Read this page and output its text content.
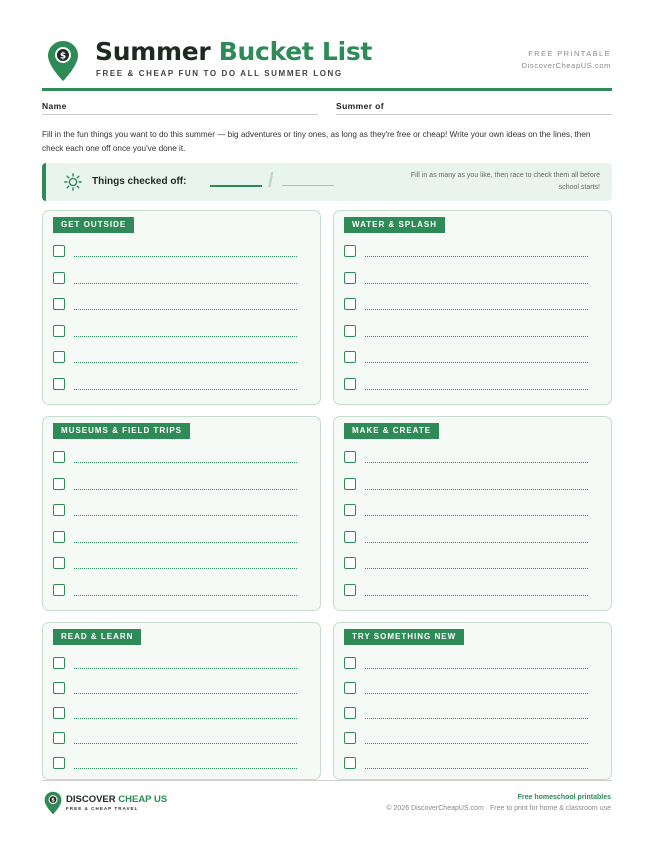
$ Summer Bucket List
FREE & CHEAP FUN TO DO ALL SUMMER LONG
FREE PRINTABLE
DiscoverCheapUS.com
Name	Summer of

Fill in the fun things you want to do this summer — big adventures or tiny ones, as long as they're free or cheap! Write your own ideas on the lines, then check each one off once you've done it.

Things checked off:	/	Fill in as many as you like, then race to check them all before school starts!
GET OUTSIDE	WATER & SPLASH
MUSEUMS & FIELD TRIPS	MAKE & CREATE
READ & LEARN	TRY SOMETHING NEW
$ DISCOVER CHEAP US
FREE & CHEAP TRAVEL
Free homeschool printables
© 2026 DiscoverCheapUS.com · Free to print for home & classroom use
